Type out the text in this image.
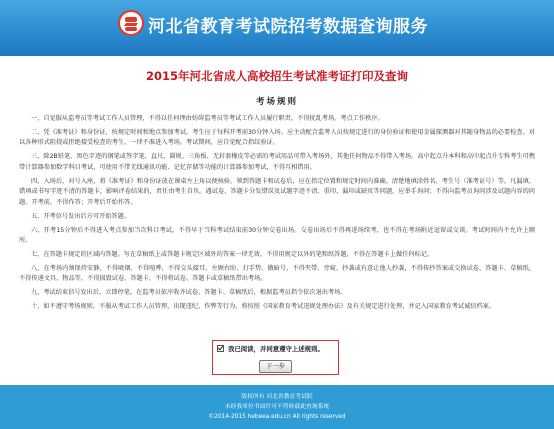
河北省教育考试院招考数据查询服务
2015年河北省成人高校招生考试准考证打印及查询
考场规则

一、自觉服从监考员等考试工作人员管理，不得以任何理由妨碍监考员等考试工作人员履行职责，不得扰乱考场、考点工作秩序。

二、凭《准考证》和身份证，按规定时间和地点参加考试。考生应于每科开考前30分钟入场。应主动配合监考人员按规定进行的身份验证和使用金属探测器对其随身物品的必要检查。对以各种形式阻挠或拒绝接受检查的考生，一律不准进入考场。考试期间，应自觉配合指纹验证。

三、除2B铅笔、黑色字迹的钢笔或签字笔、直尺、圆规、三角板、无封套橡皮等必需的考试用品可带入考场外，其他任何物品不得带入考场。高中起点升本科和高中起点升专科考生可携带计算器参加数学科目考试，可使用不带无线通讯功能、记忆存储等功能的计算器参加考试，不得互相借用。

四、入场后，对号入座，将《准考证》和身份证放在课桌左上角以便核验。领到答题卡和试卷后，应在指定位置和规定时间内准确、清楚地填涂姓名、考生号（准考证号）等。凡漏填、错填或书写字迹不清的答题卡，影响评卷结果的，责任由考生自负。遇试卷、答题卡分发错误及试题字迹不清、重印、漏印或缺页等问题，应举手询问；不得向监考员询问涉及试题内容的问题。开考前，不得作答；开考后开始作答。

五、开考信号发出后方可开始答题。

六、开考15分钟后不得进入考点参加当次科目考试。不得早于当科考试结束前30分钟交卷出场。交卷出场后不得再进场续考，也不得在考场附近逗留或交谈。考试时间内不允许上厕所。

七、在答题卡规定的区域内答题。写在草稿纸上或答题卡规定区域外的答案一律无效。不得用规定以外的笔和纸答题，不得在答题卡上做任何标记。

八、在考场内须保持安静，不得吸烟，不得喧哗，不得交头接耳、左顾右盼、打手势、做暗号，不得夹带、旁窥、抄袭或有意让他人抄袭，不得传抄答案或交换试卷、答题卡、草稿纸，不得传递文具、物品等，不得损毁试卷、答题卡，不得将试卷、答题卡或草稿纸带出考场。

九、考试结束信号发出后，立即停笔，在监考员依序收齐试卷、答题卡、草稿纸后，根据监考员指令依次退出考场。

十、如不遵守考场规则，不服从考试工作人员管理，出现违纪、作弊等行为，将按照《国家教育考试违规处理办法》及有关规定进行处理，并记入国家教育考试诚信档案。

我已阅读，并同意遵守上述规则。
下一步
版权所有 河北省教育考试院
未经我单位书面许可不得转载此查询系统
©2014-2015 hebeea.edu.cn All rights reserved
